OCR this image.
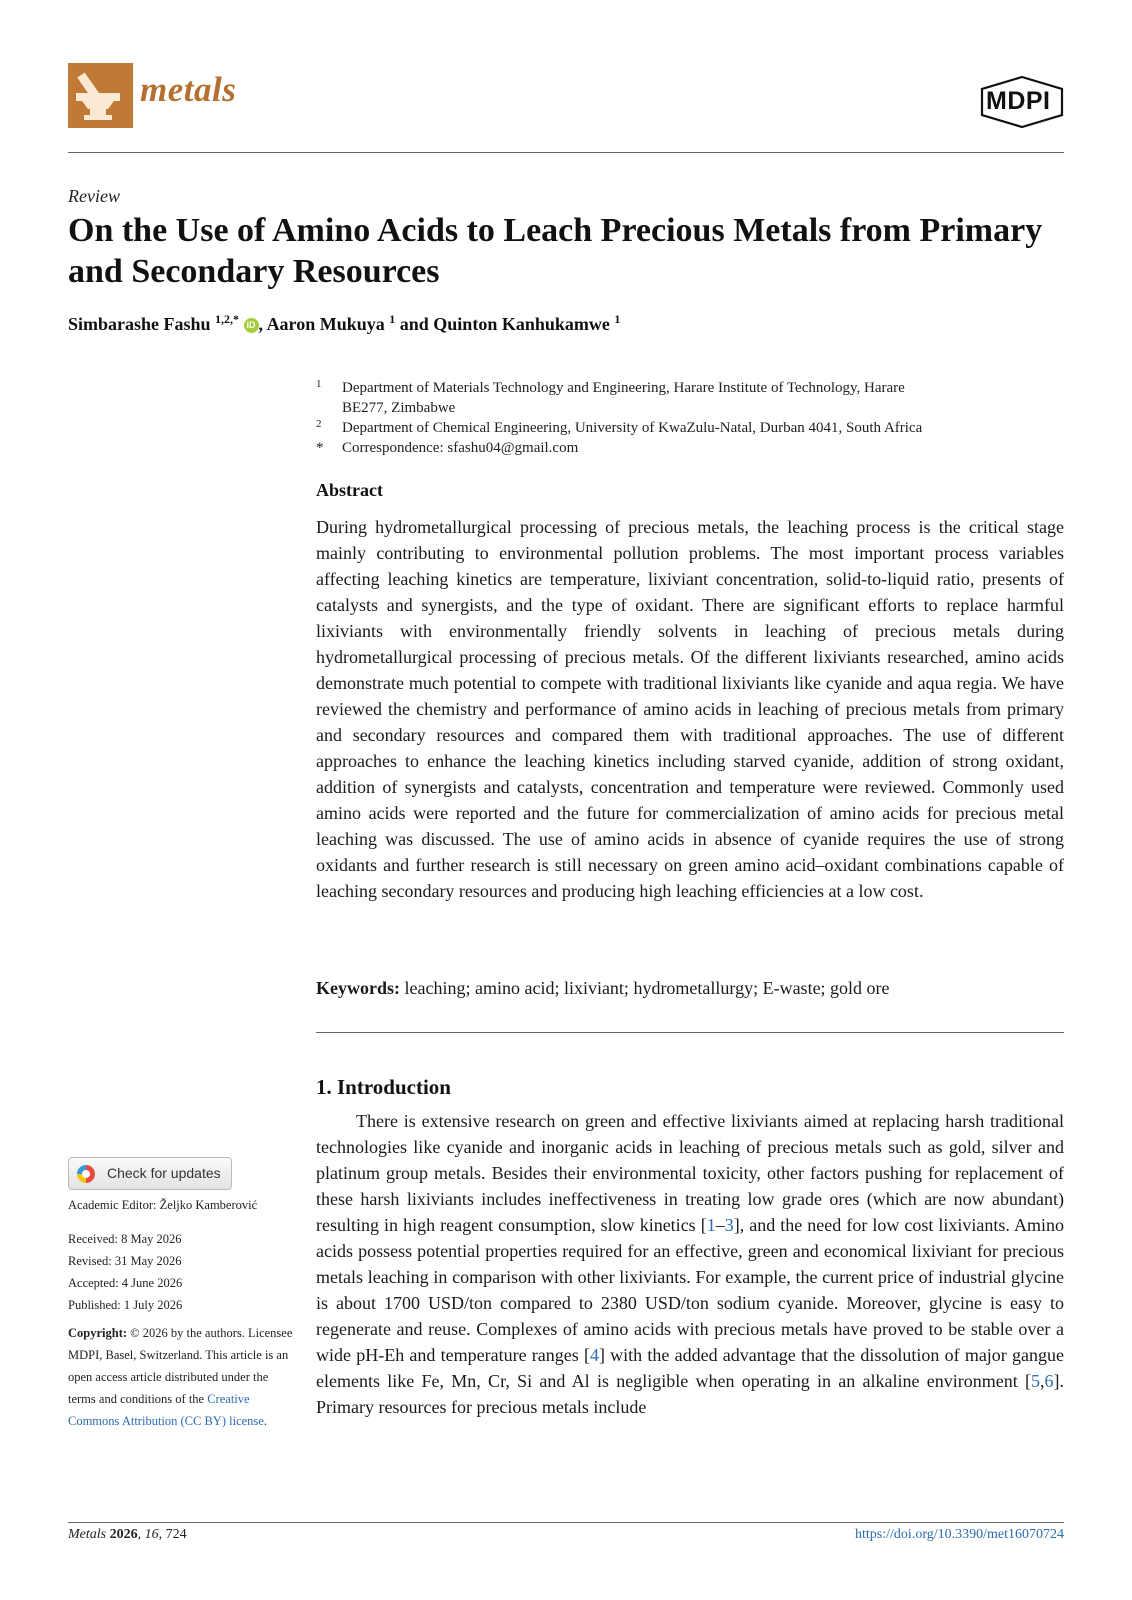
metals	MDPI
Review
On the Use of Amino Acids to Leach Precious Metals from Primary and Secondary Resources
Simbarashe Fashu $^{1,2,*}$ iD , Aaron Mukuya $^1$ and Quinton Kanhukamwe $^1$
1	Department of Materials Technology and Engineering, Harare Institute of Technology, Harare BE277, Zimbabwe
2	Department of Chemical Engineering, University of KwaZulu-Natal, Durban 4041, South Africa
*	Correspondence: sfashu04@gmail.com
Abstract
During hydrometallurgical processing of precious metals, the leaching process is the critical stage mainly contributing to environmental pollution problems. The most important process variables affecting leaching kinetics are temperature, lixiviant concentration, solid-to-liquid ratio, presents of catalysts and synergists, and the type of oxidant. There are significant efforts to replace harmful lixiviants with environmentally friendly solvents in leaching of precious metals during hydrometallurgical processing of precious metals. Of the different lixiviants researched, amino acids demonstrate much potential to compete with traditional lixiviants like cyanide and aqua regia. We have reviewed the chemistry and performance of amino acids in leaching of precious metals from primary and secondary resources and compared them with traditional approaches. The use of different approaches to enhance the leaching kinetics including starved cyanide, addition of strong oxidant, addition of synergists and catalysts, concentration and temperature were reviewed. Commonly used amino acids were reported and the future for commercialization of amino acids for precious metal leaching was discussed. The use of amino acids in absence of cyanide requires the use of strong oxidants and further research is still necessary on green amino acid–oxidant combinations capable of leaching secondary resources and producing high leaching efficiencies at a low cost.
Keywords: leaching; amino acid; lixiviant; hydrometallurgy; E-waste; gold ore
1. Introduction
There is extensive research on green and effective lixiviants aimed at replacing harsh traditional technologies like cyanide and inorganic acids in leaching of precious metals such as gold, silver and platinum group metals. Besides their environmental toxicity, other factors pushing for replacement of these harsh lixiviants includes ineffectiveness in treating low grade ores (which are now abundant) resulting in high reagent consumption, slow kinetics [1–3], and the need for low cost lixiviants. Amino acids possess potential properties required for an effective, green and economical lixiviant for precious metals leaching in comparison with other lixiviants. For example, the current price of industrial glycine is about 1700 USD/ton compared to 2380 USD/ton sodium cyanide. Moreover, glycine is easy to regenerate and reuse. Complexes of amino acids with precious metals have proved to be stable over a wide pH-Eh and temperature ranges [4] with the added advantage that the dissolution of major gangue elements like Fe, Mn, Cr, Si and Al is negligible when operating in an alkaline environment [5,6]. Primary resources for precious metals include
Check for updates
Academic Editor: Željko Kamberović
Received: 8 May 2026
Revised: 31 May 2026
Accepted: 4 June 2026
Published: 1 July 2026
Copyright: © 2026 by the authors. Licensee MDPI, Basel, Switzerland. This article is an open access article distributed under the terms and conditions of the Creative Commons Attribution (CC BY) license.
Metals 2026, 16, 724	https://doi.org/10.3390/met16070724
